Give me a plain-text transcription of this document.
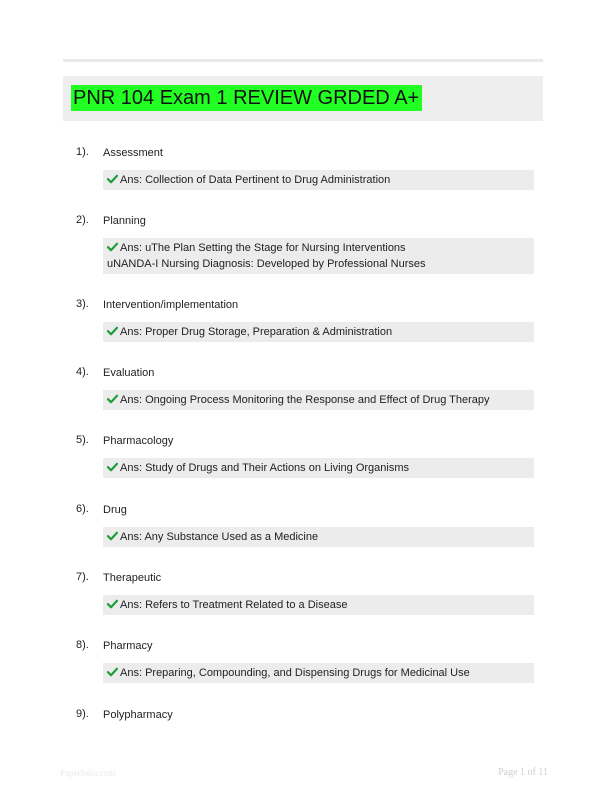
PNR 104 Exam 1 REVIEW GRDED A+
1). Assessment
Ans: Collection of Data Pertinent to Drug Administration
2). Planning
Ans: uThe Plan Setting the Stage for Nursing Interventions
uNANDA-I Nursing Diagnosis: Developed by Professional Nurses
3). Intervention/implementation
Ans: Proper Drug Storage, Preparation & Administration
4). Evaluation
Ans: Ongoing Process Monitoring the Response and Effect of Drug Therapy
5). Pharmacology
Ans: Study of Drugs and Their Actions on Living Organisms
6). Drug
Ans: Any Substance Used as a Medicine
7). Therapeutic
Ans: Refers to Treatment Related to a Disease
8). Pharmacy
Ans: Preparing, Compounding, and Dispensing Drugs for Medicinal Use
9). Polypharmacy
Paperfolio.com	Page 1 of 11
